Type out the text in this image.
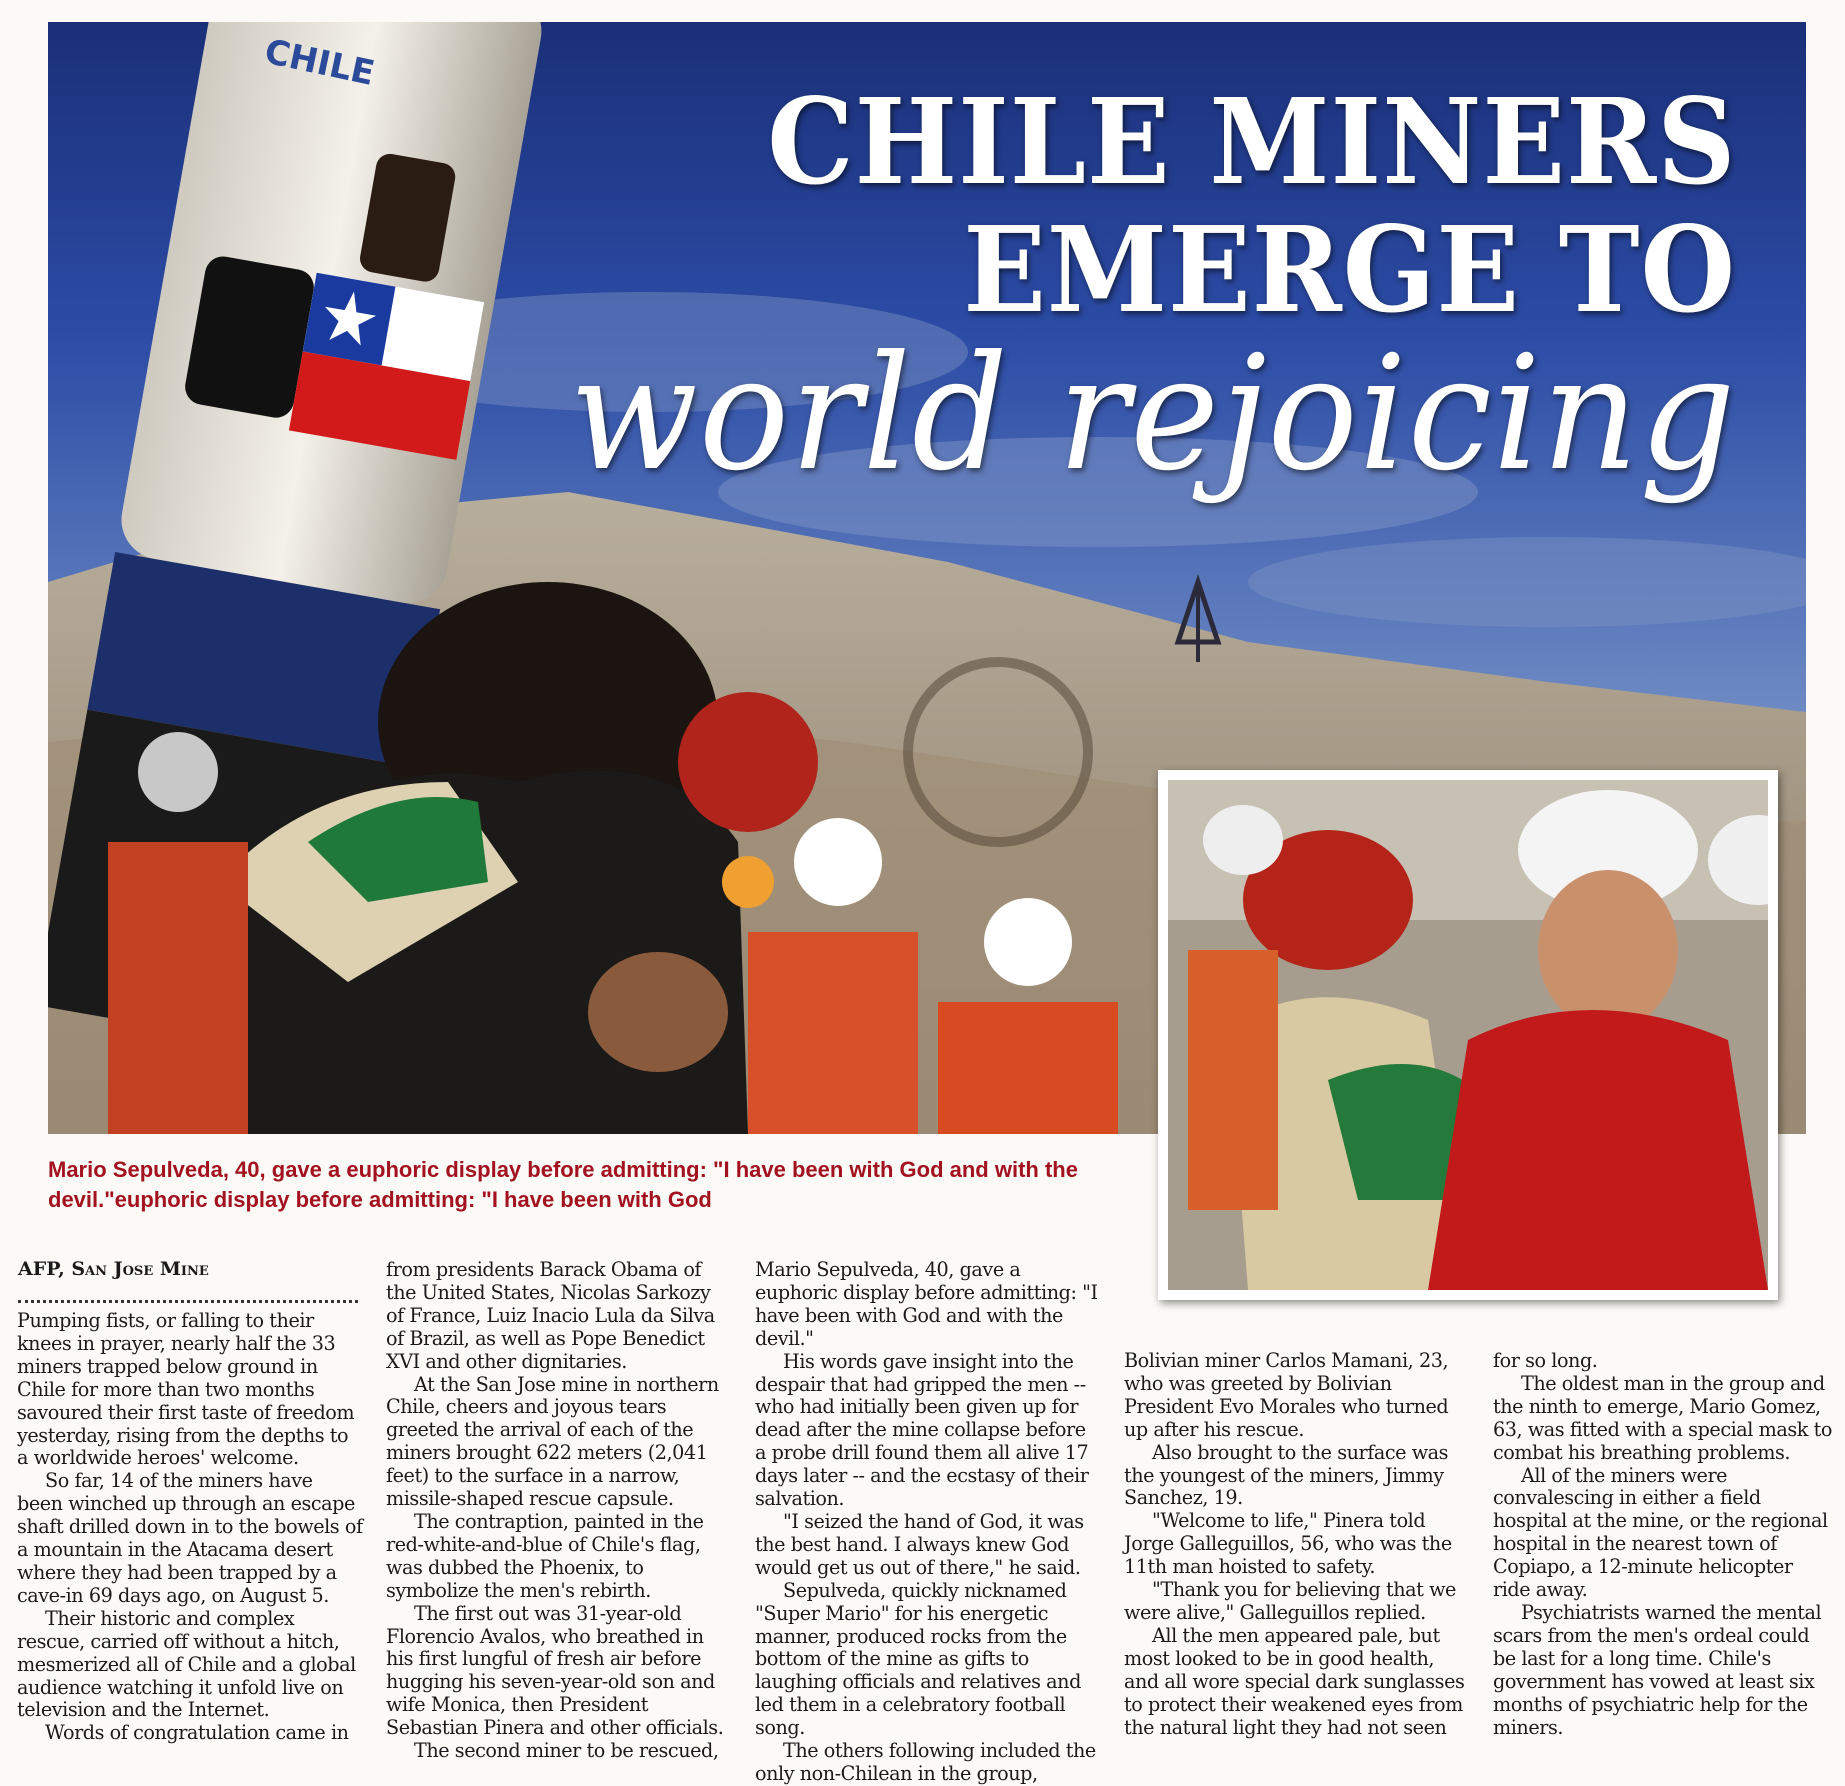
CHILE
CHILE MINERS
EMERGE TO
world rejoicing
Mario Sepulveda, 40, gave a euphoric display before admitting: "I have been with God and with the devil."euphoric display before admitting: "I have been with God
AFP, San Jose Mine

Pumping fists, or falling to their knees in prayer, nearly half the 33 miners trapped below ground in Chile for more than two months savoured their first taste of freedom yesterday, rising from the depths to a worldwide heroes' welcome.

So far, 14 of the miners have been winched up through an escape shaft drilled down in to the bowels of a mountain in the Atacama desert where they had been trapped by a cave-in 69 days ago, on August 5.

Their historic and complex rescue, carried off without a hitch, mesmerized all of Chile and a global audience watching it unfold live on television and the Internet.

Words of congratulation came in

from presidents Barack Obama of the United States, Nicolas Sarkozy of France, Luiz Inacio Lula da Silva of Brazil, as well as Pope Benedict XVI and other dignitaries.

At the San Jose mine in northern Chile, cheers and joyous tears greeted the arrival of each of the miners brought 622 meters (2,041 feet) to the surface in a narrow, missile-shaped rescue capsule.

The contraption, painted in the red-white-and-blue of Chile's flag, was dubbed the Phoenix, to symbolize the men's rebirth.

The first out was 31-year-old Florencio Avalos, who breathed in his first lungful of fresh air before hugging his seven-year-old son and wife Monica, then President Sebastian Pinera and other officials.

The second miner to be rescued,

Mario Sepulveda, 40, gave a euphoric display before admitting: "I have been with God and with the devil."

His words gave insight into the despair that had gripped the men -- who had initially been given up for dead after the mine collapse before a probe drill found them all alive 17 days later -- and the ecstasy of their salvation.

"I seized the hand of God, it was the best hand. I always knew God would get us out of there," he said.

Sepulveda, quickly nicknamed "Super Mario" for his energetic manner, produced rocks from the bottom of the mine as gifts to laughing officials and relatives and led them in a celebratory football song.

The others following included the only non-Chilean in the group,

Bolivian miner Carlos Mamani, 23, who was greeted by Bolivian President Evo Morales who turned up after his rescue.

Also brought to the surface was the youngest of the miners, Jimmy Sanchez, 19.

"Welcome to life," Pinera told Jorge Galleguillos, 56, who was the 11th man hoisted to safety.

"Thank you for believing that we were alive," Galleguillos replied.

All the men appeared pale, but most looked to be in good health, and all wore special dark sunglasses to protect their weakened eyes from the natural light they had not seen

for so long.

The oldest man in the group and the ninth to emerge, Mario Gomez, 63, was fitted with a special mask to combat his breathing problems.

All of the miners were convalescing in either a field hospital at the mine, or the regional hospital in the nearest town of Copiapo, a 12-minute helicopter ride away.

Psychiatrists warned the mental scars from the men's ordeal could be last for a long time. Chile's government has vowed at least six months of psychiatric help for the miners.
